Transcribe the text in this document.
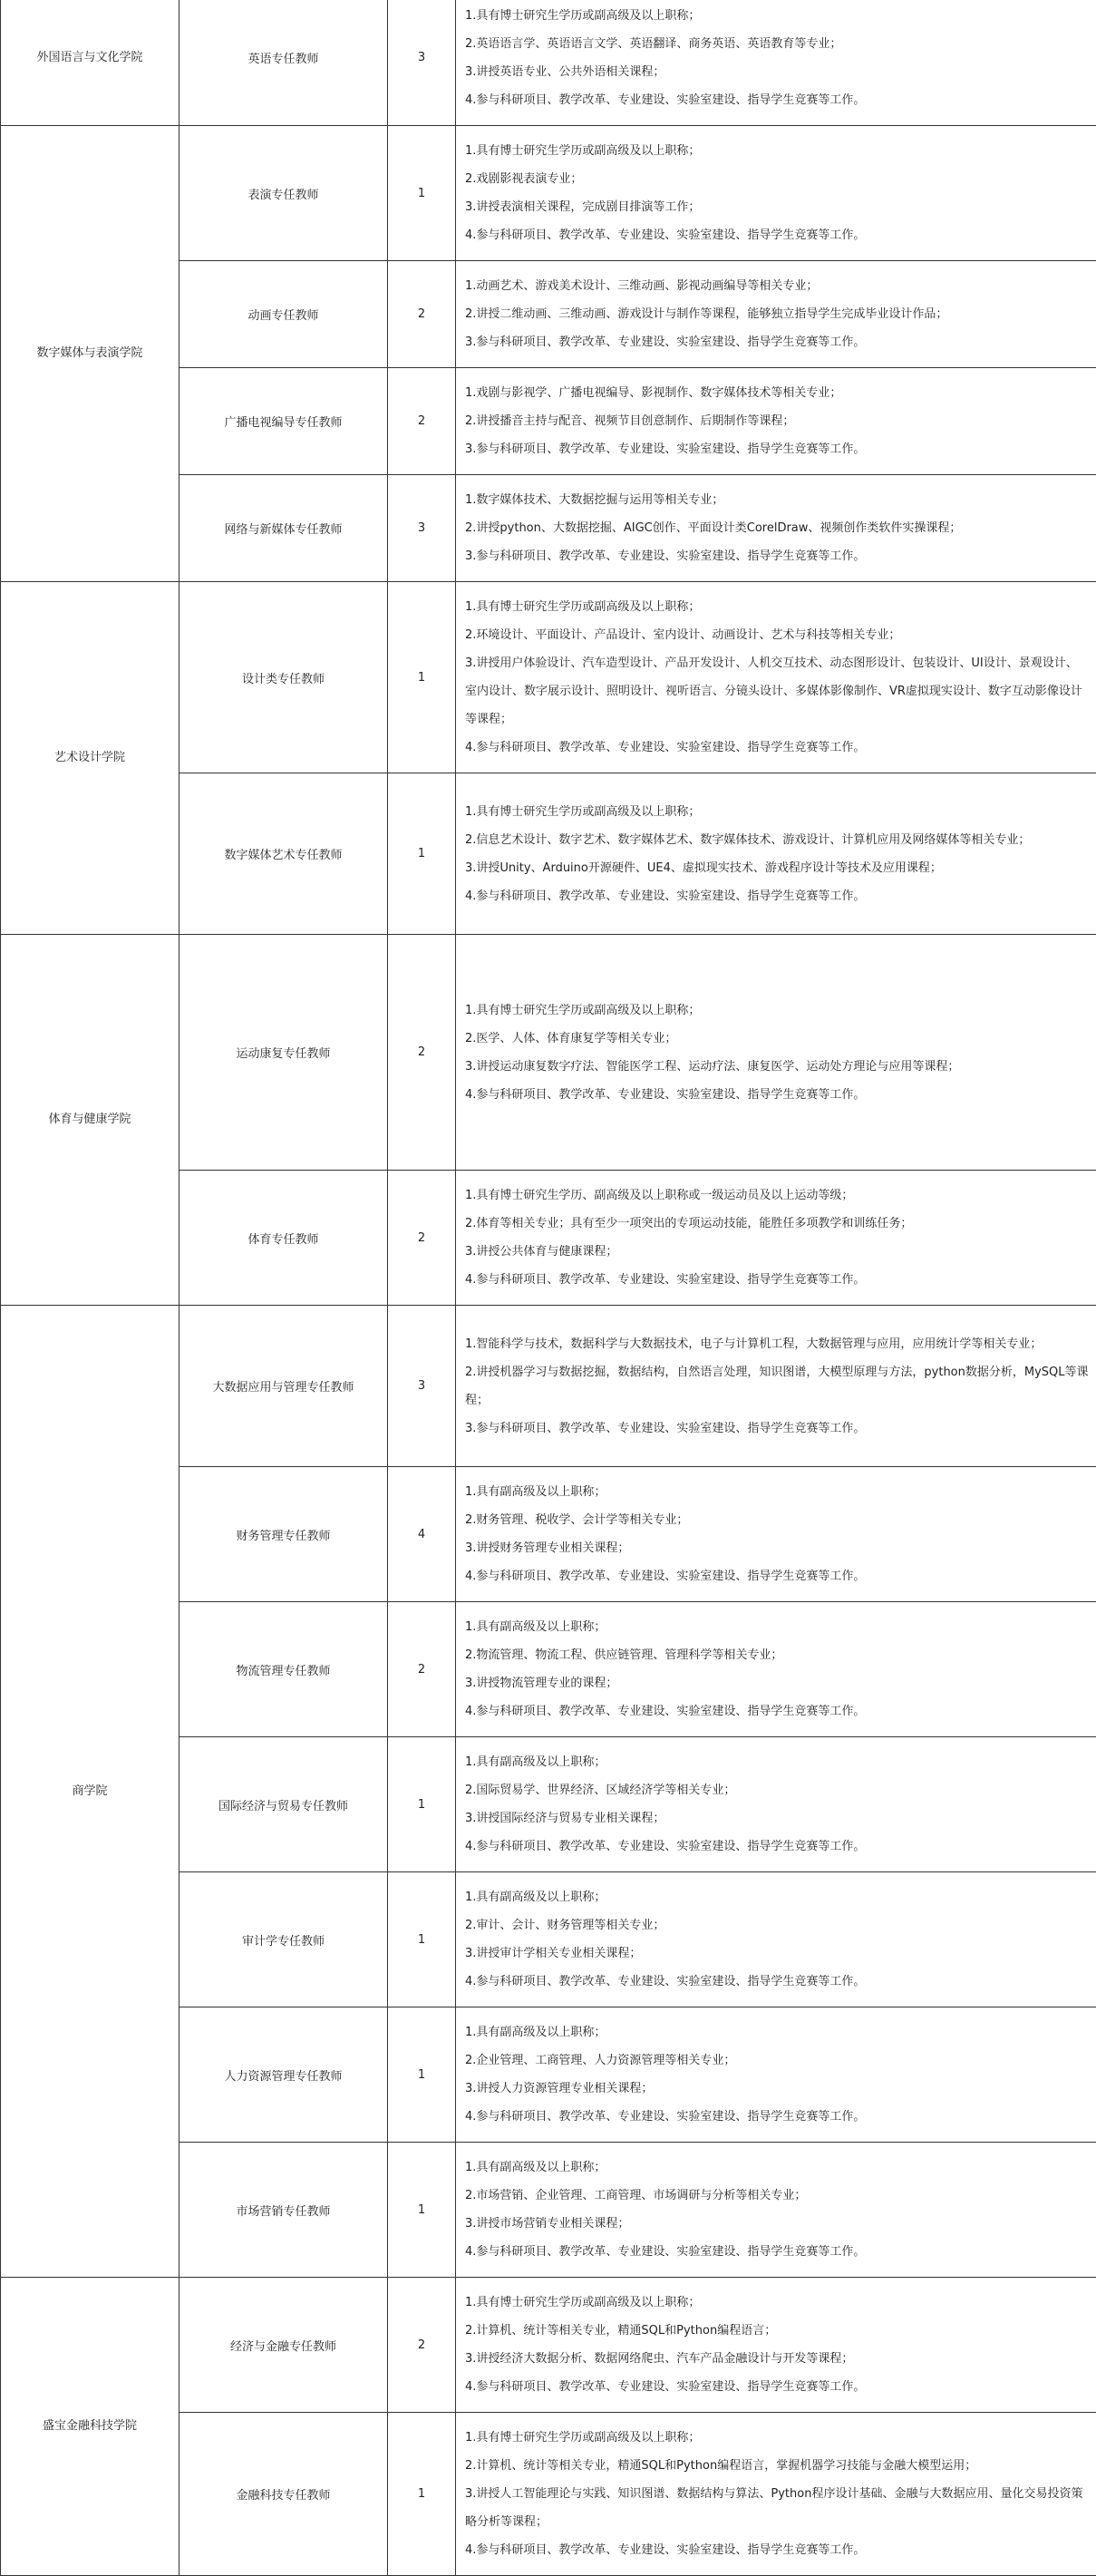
外国语言与文化学院	英语专任教师	3	1.具有博士研究生学历或副高级及以上职称；
2.英语语言学、英语语言文学、英语翻译、商务英语、英语教育等专业；
3.讲授英语专业、公共外语相关课程；
4.参与科研项目、教学改革、专业建设、实验室建设、指导学生竞赛等工作。

数字媒体与表演学院	表演专任教师	1	1.具有博士研究生学历或副高级及以上职称；
2.戏剧影视表演专业；
3.讲授表演相关课程，完成剧目排演等工作；
4.参与科研项目、教学改革、专业建设、实验室建设、指导学生竞赛等工作。

	动画专任教师	2	1.动画艺术、游戏美术设计、三维动画、影视动画编导等相关专业；
2.讲授二维动画、三维动画、游戏设计与制作等课程，能够独立指导学生完成毕业设计作品；
3.参与科研项目、教学改革、专业建设、实验室建设、指导学生竞赛等工作。

	广播电视编导专任教师	2	1.戏剧与影视学、广播电视编导、影视制作、数字媒体技术等相关专业；
2.讲授播音主持与配音、视频节目创意制作、后期制作等课程；
3.参与科研项目、教学改革、专业建设、实验室建设、指导学生竞赛等工作。

	网络与新媒体专任教师	3	1.数字媒体技术、大数据挖掘与运用等相关专业；
2.讲授python、大数据挖掘、AIGC创作、平面设计类CorelDraw、视频创作类软件实操课程；
3.参与科研项目、教学改革、专业建设、实验室建设、指导学生竞赛等工作。

艺术设计学院	设计类专任教师	1	1.具有博士研究生学历或副高级及以上职称；
2.环境设计、平面设计、产品设计、室内设计、动画设计、艺术与科技等相关专业；
3.讲授用户体验设计、汽车造型设计、产品开发设计、人机交互技术、动态图形设计、包装设计、UI设计、景观设计、室内设计、数字展示设计、照明设计、视听语言、分镜头设计、多媒体影像制作、VR虚拟现实设计、数字互动影像设计等课程；
4.参与科研项目、教学改革、专业建设、实验室建设、指导学生竞赛等工作。

	数字媒体艺术专任教师	1	1.具有博士研究生学历或副高级及以上职称；
2.信息艺术设计、数字艺术、数字媒体艺术、数字媒体技术、游戏设计、计算机应用及网络媒体等相关专业；
3.讲授Unity、Arduino开源硬件、UE4、虚拟现实技术、游戏程序设计等技术及应用课程；
4.参与科研项目、教学改革、专业建设、实验室建设、指导学生竞赛等工作。

体育与健康学院	运动康复专任教师	2	1.具有博士研究生学历或副高级及以上职称；
2.医学、人体、体育康复学等相关专业；
3.讲授运动康复数字疗法、智能医学工程、运动疗法、康复医学、运动处方理论与应用等课程；
4.参与科研项目、教学改革、专业建设、实验室建设、指导学生竞赛等工作。

	体育专任教师	2	1.具有博士研究生学历、副高级及以上职称或一级运动员及以上运动等级；
2.体育等相关专业；具有至少一项突出的专项运动技能，能胜任多项教学和训练任务；
3.讲授公共体育与健康课程；
4.参与科研项目、教学改革、专业建设、实验室建设、指导学生竞赛等工作。

商学院	大数据应用与管理专任教师	3	1.智能科学与技术，数据科学与大数据技术，电子与计算机工程，大数据管理与应用，应用统计学等相关专业；
2.讲授机器学习与数据挖掘，数据结构，自然语言处理，知识图谱，大模型原理与方法，python数据分析，MySQL等课程；
3.参与科研项目、教学改革、专业建设、实验室建设、指导学生竞赛等工作。

	财务管理专任教师	4	1.具有副高级及以上职称；
2.财务管理、税收学、会计学等相关专业；
3.讲授财务管理专业相关课程；
4.参与科研项目、教学改革、专业建设、实验室建设、指导学生竞赛等工作。

	物流管理专任教师	2	1.具有副高级及以上职称；
2.物流管理、物流工程、供应链管理、管理科学等相关专业；
3.讲授物流管理专业的课程；
4.参与科研项目、教学改革、专业建设、实验室建设、指导学生竞赛等工作。

	国际经济与贸易专任教师	1	1.具有副高级及以上职称；
2.国际贸易学、世界经济、区域经济学等相关专业；
3.讲授国际经济与贸易专业相关课程；
4.参与科研项目、教学改革、专业建设、实验室建设、指导学生竞赛等工作。

	审计学专任教师	1	1.具有副高级及以上职称；
2.审计、会计、财务管理等相关专业；
3.讲授审计学相关专业相关课程；
4.参与科研项目、教学改革、专业建设、实验室建设、指导学生竞赛等工作。

	人力资源管理专任教师	1	1.具有副高级及以上职称；
2.企业管理、工商管理、人力资源管理等相关专业；
3.讲授人力资源管理专业相关课程；
4.参与科研项目、教学改革、专业建设、实验室建设、指导学生竞赛等工作。

	市场营销专任教师	1	1.具有副高级及以上职称；
2.市场营销、企业管理、工商管理、市场调研与分析等相关专业；
3.讲授市场营销专业相关课程；
4.参与科研项目、教学改革、专业建设、实验室建设、指导学生竞赛等工作。

盛宝金融科技学院	经济与金融专任教师	2	1.具有博士研究生学历或副高级及以上职称；
2.计算机、统计等相关专业，精通SQL和Python编程语言；
3.讲授经济大数据分析、数据网络爬虫、汽车产品金融设计与开发等课程；
4.参与科研项目、教学改革、专业建设、实验室建设、指导学生竞赛等工作。

	金融科技专任教师	1	1.具有博士研究生学历或副高级及以上职称；
2.计算机、统计等相关专业，精通SQL和Python编程语言，掌握机器学习技能与金融大模型运用；
3.讲授人工智能理论与实践、知识图谱、数据结构与算法、Python程序设计基础、金融与大数据应用、量化交易投资策略分析等课程；
4.参与科研项目、教学改革、专业建设、实验室建设、指导学生竞赛等工作。
